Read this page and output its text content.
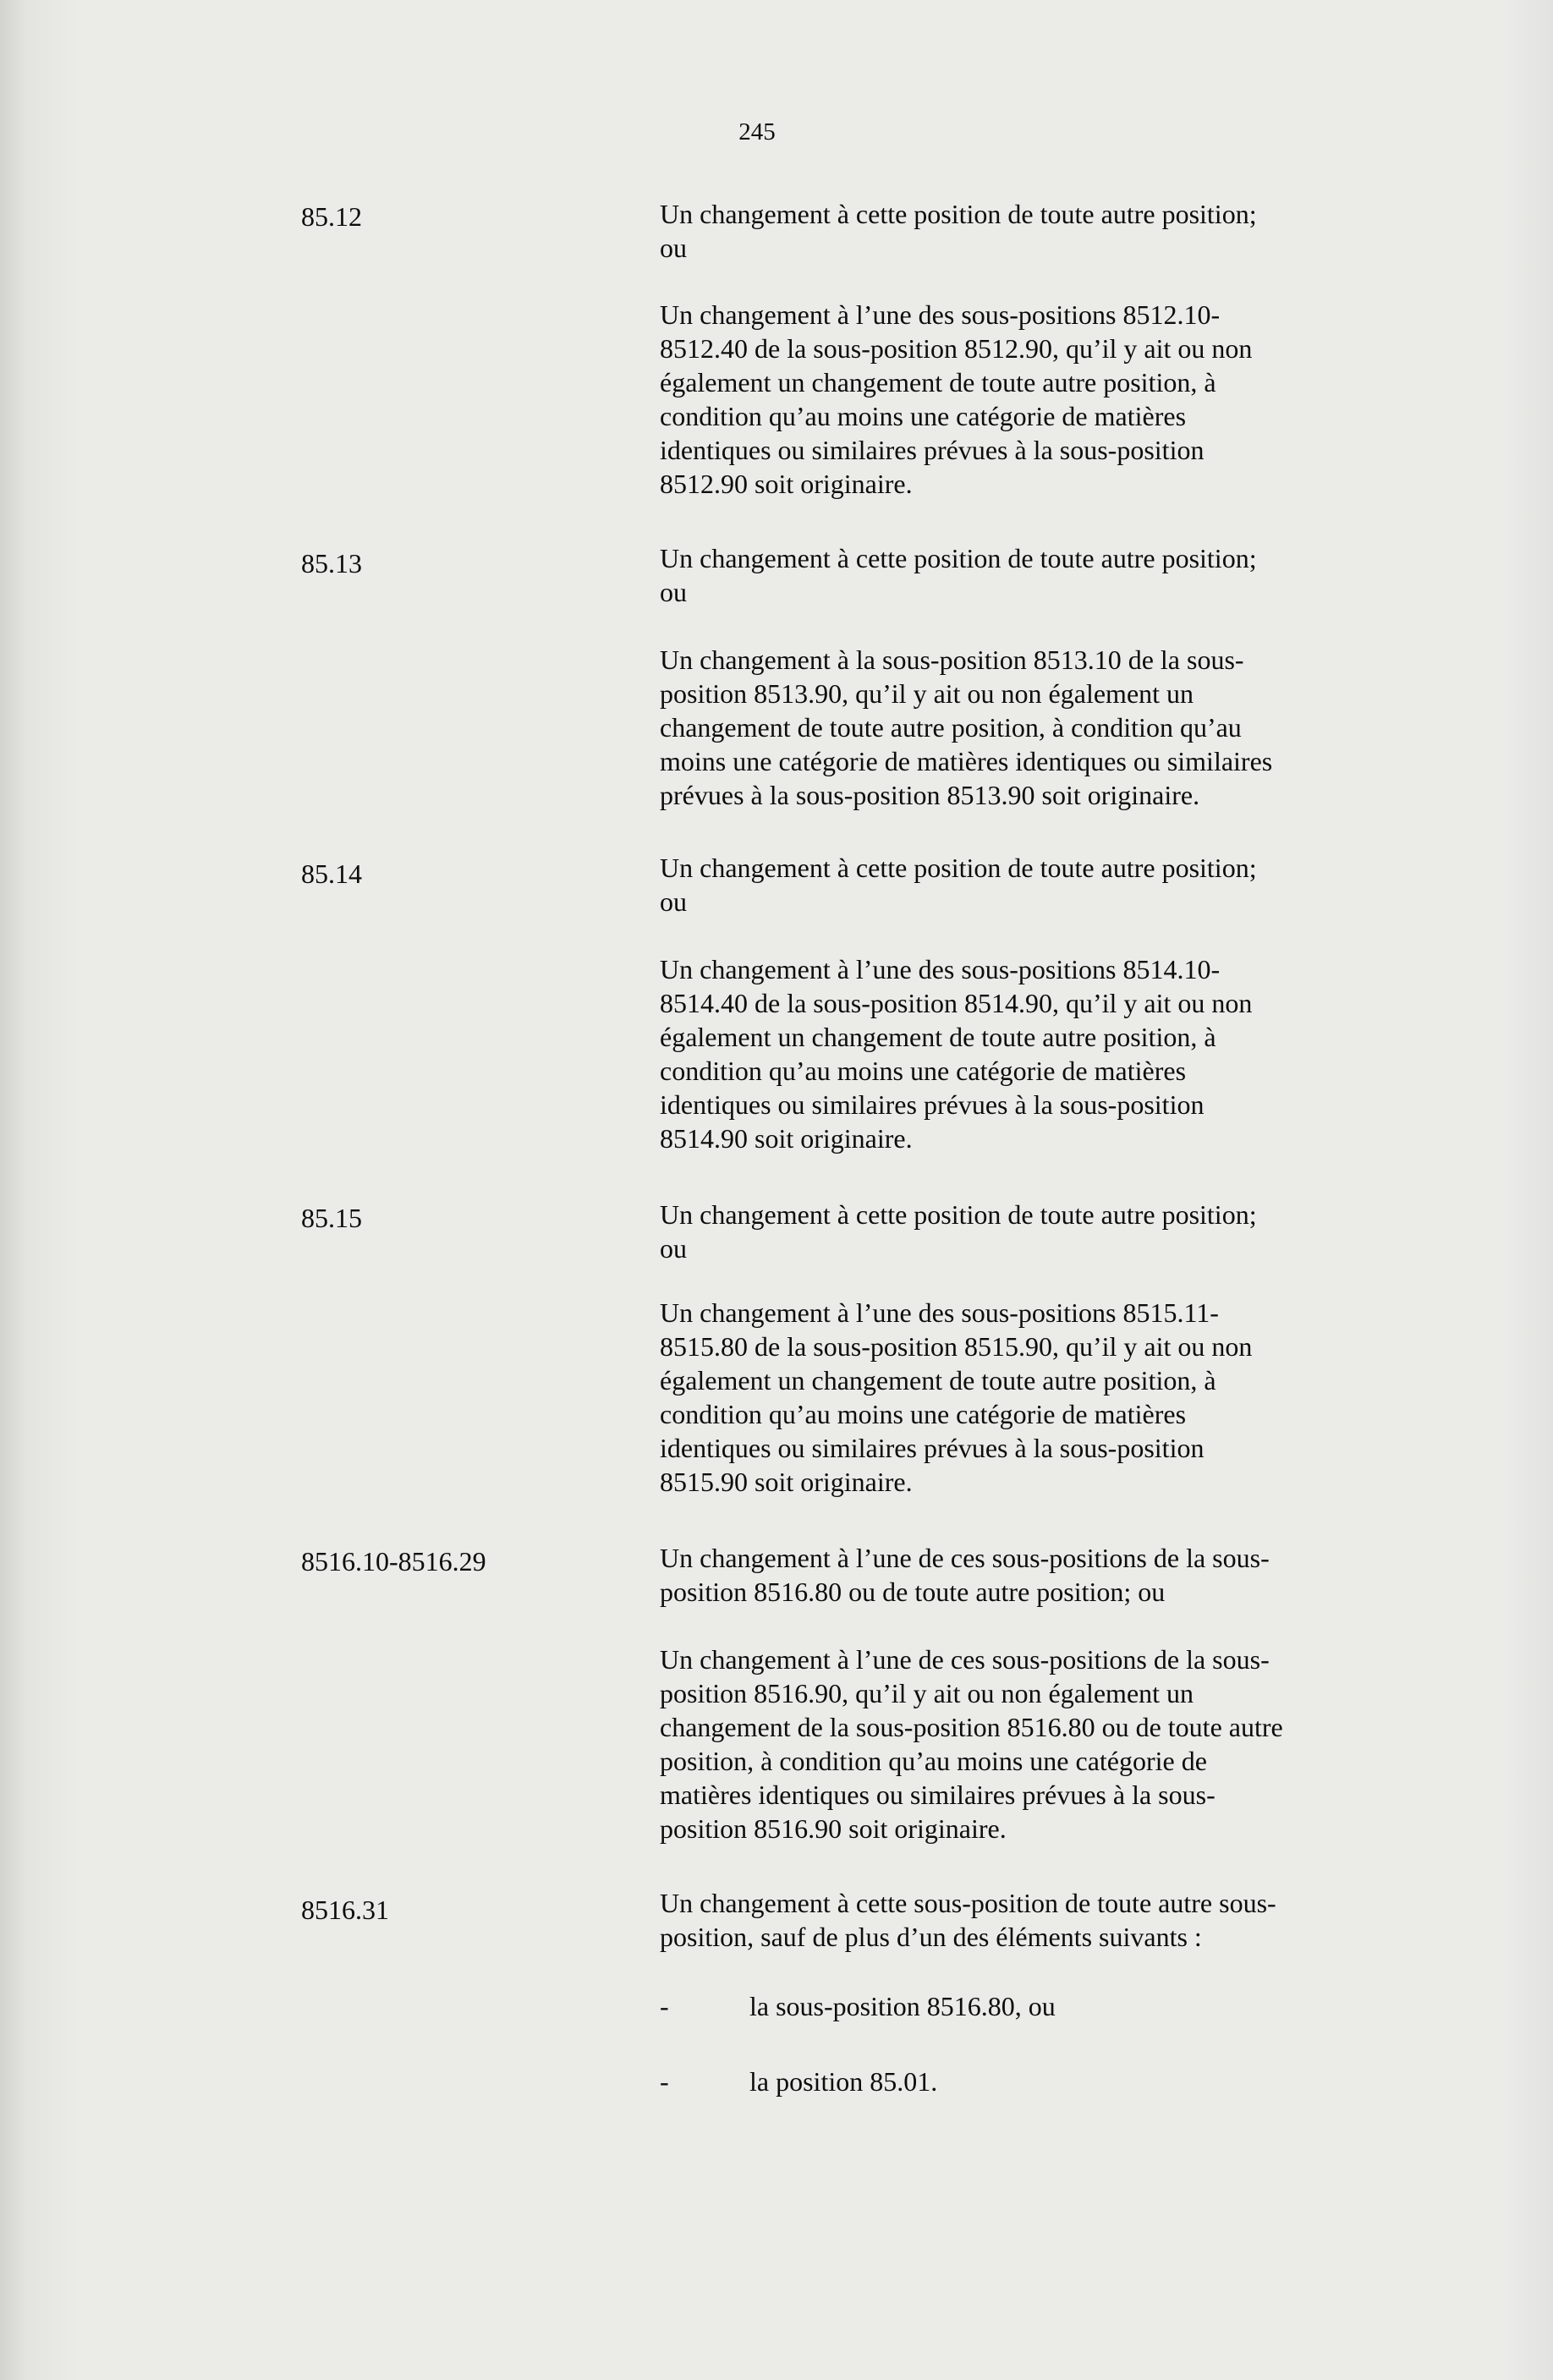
245
85.12	Un changement à cette position de toute autre position;

ou

Un changement à l’une des sous-positions 8512.10-

8512.40 de la sous-position 8512.90, qu’il y ait ou non

également un changement de toute autre position, à

condition qu’au moins une catégorie de matières

identiques ou similaires prévues à la sous-position

8512.90 soit originaire.

85.13	Un changement à cette position de toute autre position;

ou

Un changement à la sous-position 8513.10 de la sous-

position 8513.90, qu’il y ait ou non également un

changement de toute autre position, à condition qu’au

moins une catégorie de matières identiques ou similaires

prévues à la sous-position 8513.90 soit originaire.

85.14	Un changement à cette position de toute autre position;

ou

Un changement à l’une des sous-positions 8514.10-

8514.40 de la sous-position 8514.90, qu’il y ait ou non

également un changement de toute autre position, à

condition qu’au moins une catégorie de matières

identiques ou similaires prévues à la sous-position

8514.90 soit originaire.

85.15	Un changement à cette position de toute autre position;

ou

Un changement à l’une des sous-positions 8515.11-

8515.80 de la sous-position 8515.90, qu’il y ait ou non

également un changement de toute autre position, à

condition qu’au moins une catégorie de matières

identiques ou similaires prévues à la sous-position

8515.90 soit originaire.

8516.10-8516.29	Un changement à l’une de ces sous-positions de la sous-

position 8516.80 ou de toute autre position; ou

Un changement à l’une de ces sous-positions de la sous-

position 8516.90, qu’il y ait ou non également un

changement de la sous-position 8516.80 ou de toute autre

position, à condition qu’au moins une catégorie de

matières identiques ou similaires prévues à la sous-

position 8516.90 soit originaire.

8516.31	Un changement à cette sous-position de toute autre sous-

position, sauf de plus d’un des éléments suivants :

-	la sous-position 8516.80, ou
-	la position 85.01.
